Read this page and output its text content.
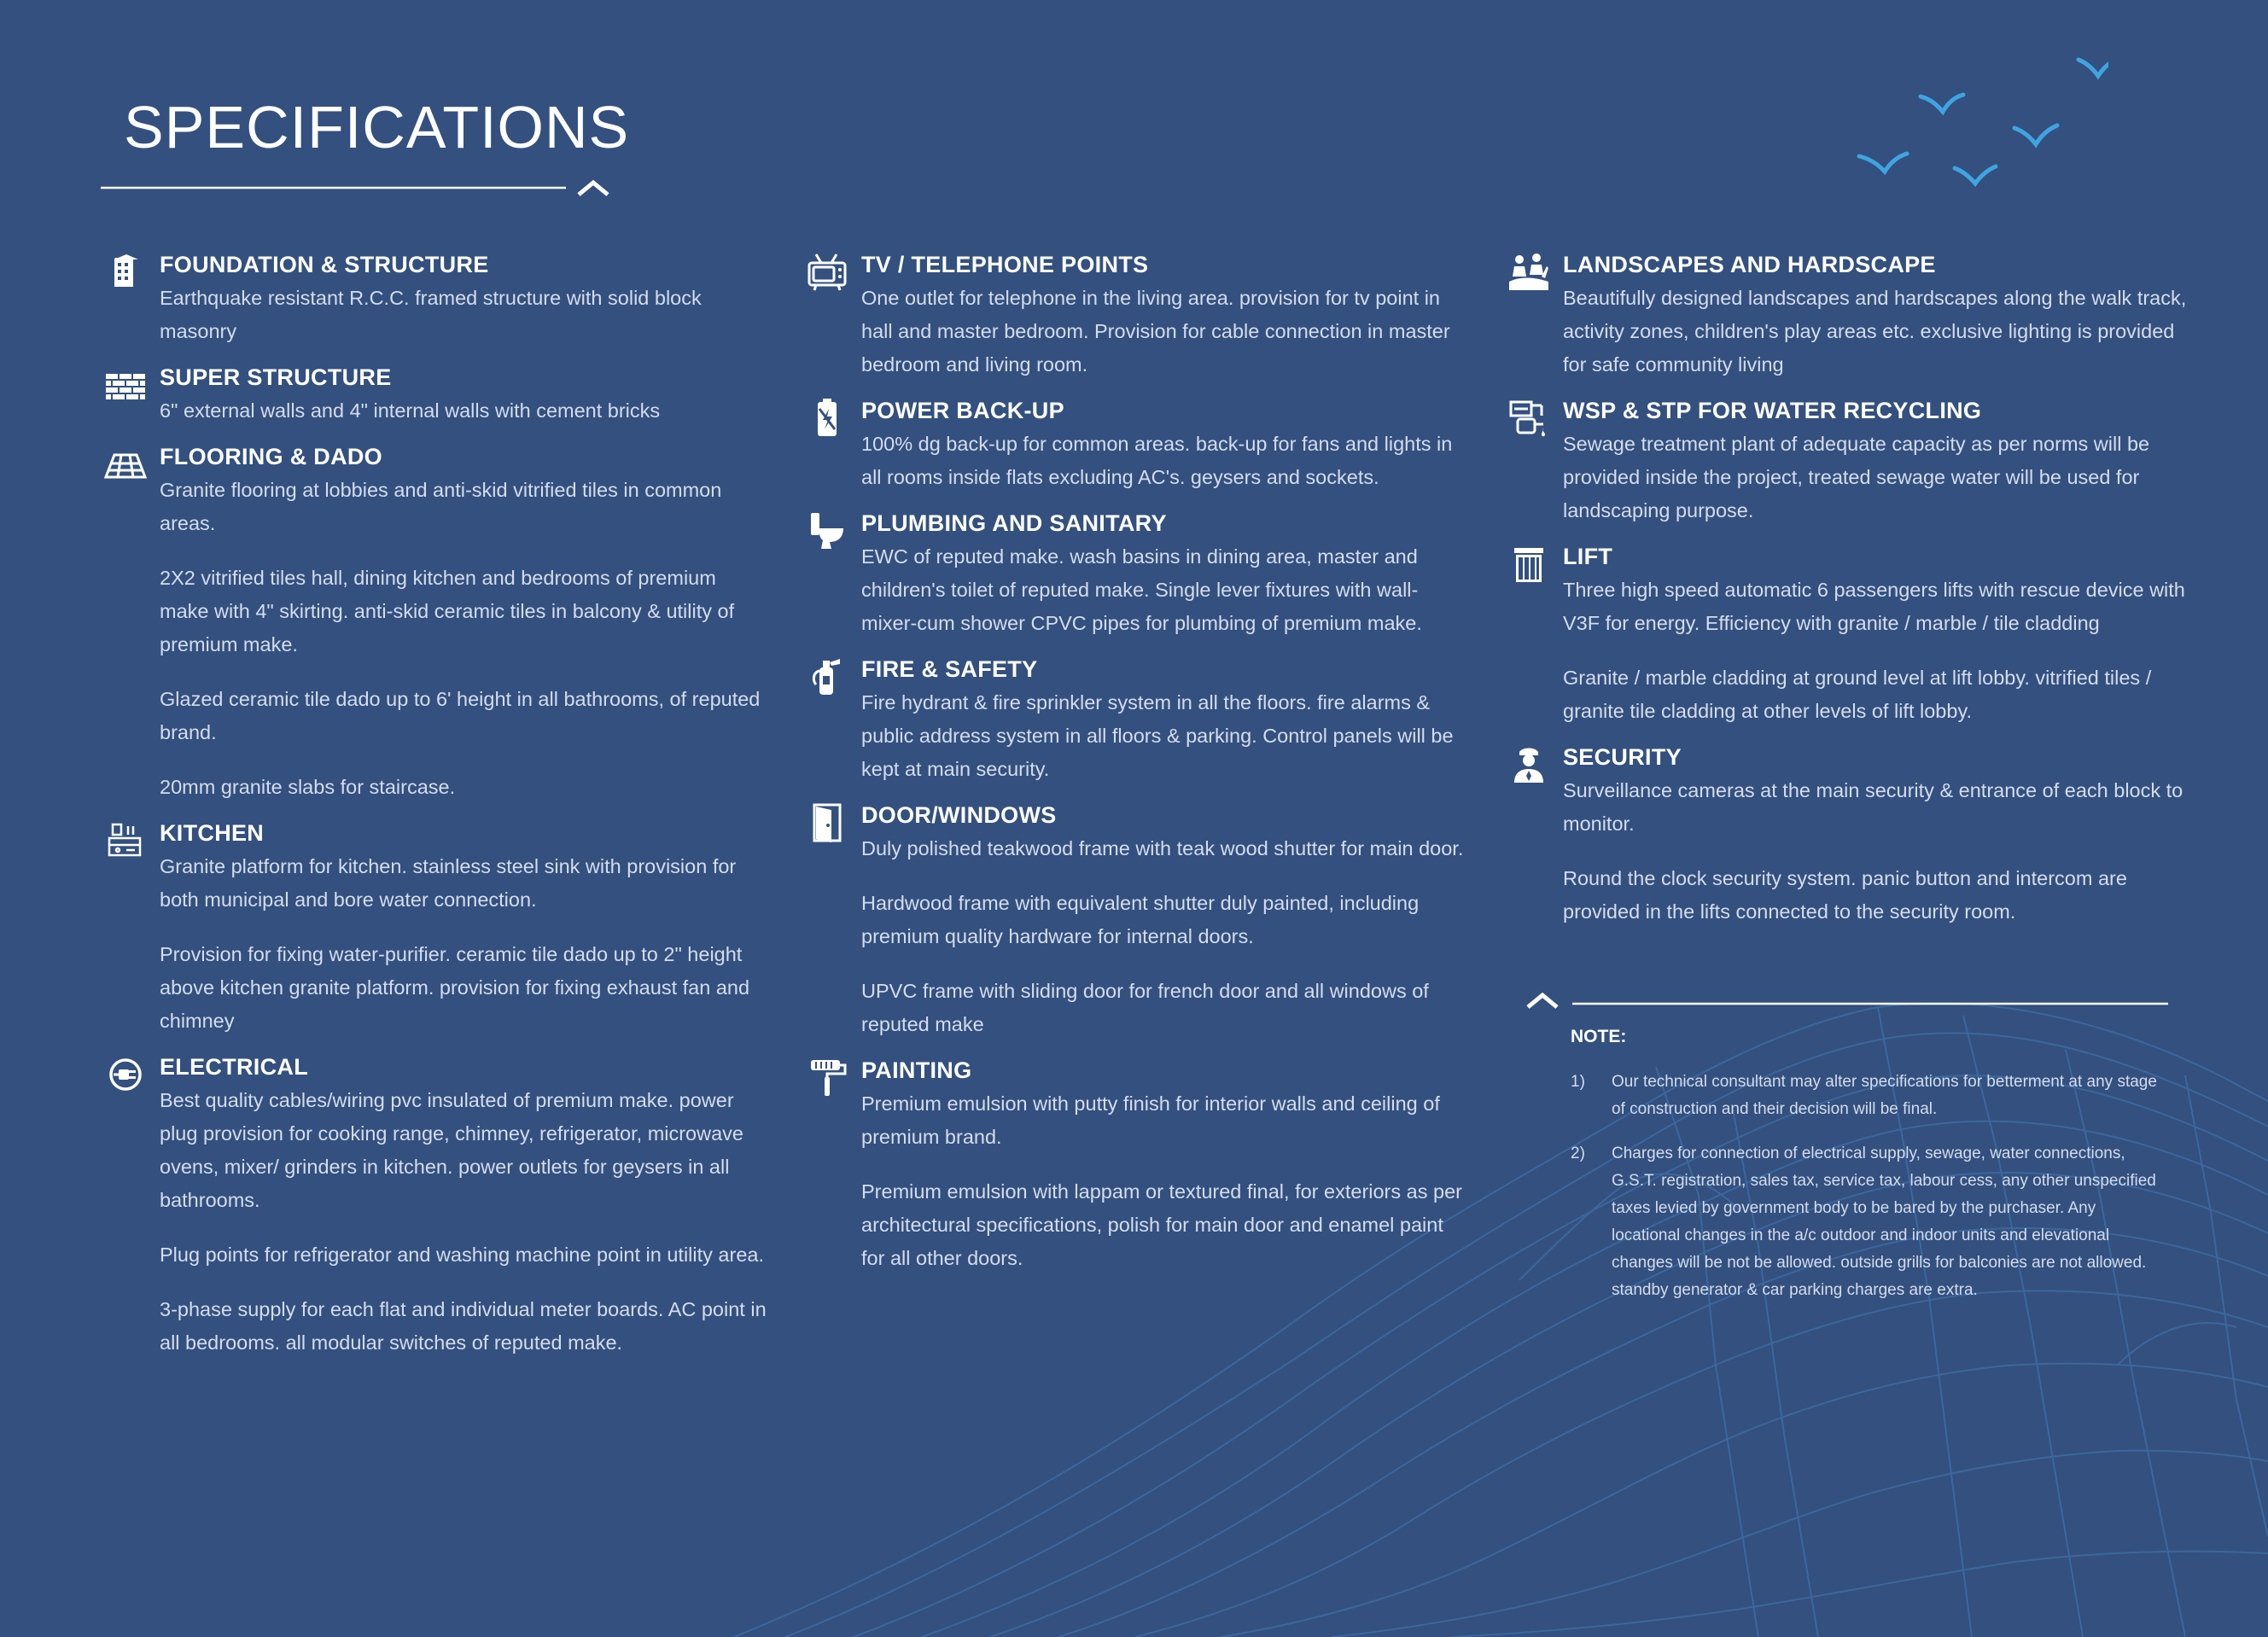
SPECIFICATIONS
FOUNDATION & STRUCTURE

Earthquake resistant R.C.C. framed structure with solid block masonry

SUPER STRUCTURE

6" external walls and 4" internal walls with cement bricks

FLOORING & DADO

Granite flooring at lobbies and anti-skid vitrified tiles in common areas.

2X2 vitrified tiles hall, dining kitchen and bedrooms of premium make with 4" skirting. anti-skid ceramic tiles in balcony & utility of premium make.

Glazed ceramic tile dado up to 6' height in all bathrooms, of reputed brand.

20mm granite slabs for staircase.

KITCHEN

Granite platform for kitchen. stainless steel sink with provision for both municipal and bore water connection.

Provision for fixing water-purifier. ceramic tile dado up to 2" height above kitchen granite platform. provision for fixing exhaust fan and chimney

ELECTRICAL

Best quality cables/wiring pvc insulated of premium make. power plug provision for cooking range, chimney, refrigerator, microwave ovens, mixer/ grinders in kitchen. power outlets for geysers in all bathrooms.

Plug points for refrigerator and washing machine point in utility area.

3-phase supply for each flat and individual meter boards. AC point in all bedrooms. all modular switches of reputed make.

TV / TELEPHONE POINTS

One outlet for telephone in the living area. provision for tv point in hall and master bedroom. Provision for cable connection in master bedroom and living room.

POWER BACK-UP

100% dg back-up for common areas. back-up for fans and lights in all rooms inside flats excluding AC's. geysers and sockets.

PLUMBING AND SANITARY

EWC of reputed make. wash basins in dining area, master and children's toilet of reputed make. Single lever fixtures with wall-mixer-cum shower CPVC pipes for plumbing of premium make.

FIRE & SAFETY

Fire hydrant & fire sprinkler system in all the floors. fire alarms & public address system in all floors & parking. Control panels will be kept at main security.

DOOR/WINDOWS

Duly polished teakwood frame with teak wood shutter for main door.

Hardwood frame with equivalent shutter duly painted, including premium quality hardware for internal doors.

UPVC frame with sliding door for french door and all windows of reputed make

PAINTING

Premium emulsion with putty finish for interior walls and ceiling of premium brand.

Premium emulsion with lappam or textured final, for exteriors as per architectural specifications, polish for main door and enamel paint for all other doors.

LANDSCAPES AND HARDSCAPE

Beautifully designed landscapes and hardscapes along the walk track, activity zones, children's play areas etc. exclusive lighting is provided for safe community living

WSP & STP FOR WATER RECYCLING

Sewage treatment plant of adequate capacity as per norms will be provided inside the project, treated sewage water will be used for landscaping purpose.

LIFT

Three high speed automatic 6 passengers lifts with rescue device with V3F for energy. Efficiency with granite / marble / tile cladding

Granite / marble cladding at ground level at lift lobby. vitrified tiles / granite tile cladding at other levels of lift lobby.

SECURITY

Surveillance cameras at the main security & entrance of each block to monitor.

Round the clock security system. panic button and intercom are provided in the lifts connected to the security room.

NOTE:
1) Our technical consultant may alter specifications for betterment at any stage of construction and their decision will be final.
2) Charges for connection of electrical supply, sewage, water connections, G.S.T. registration, sales tax, service tax, labour cess, any other unspecified taxes levied by government body to be bared by the purchaser. Any locational changes in the a/c outdoor and indoor units and elevational changes will be not be allowed. outside grills for balconies are not allowed. standby generator & car parking charges are extra.
